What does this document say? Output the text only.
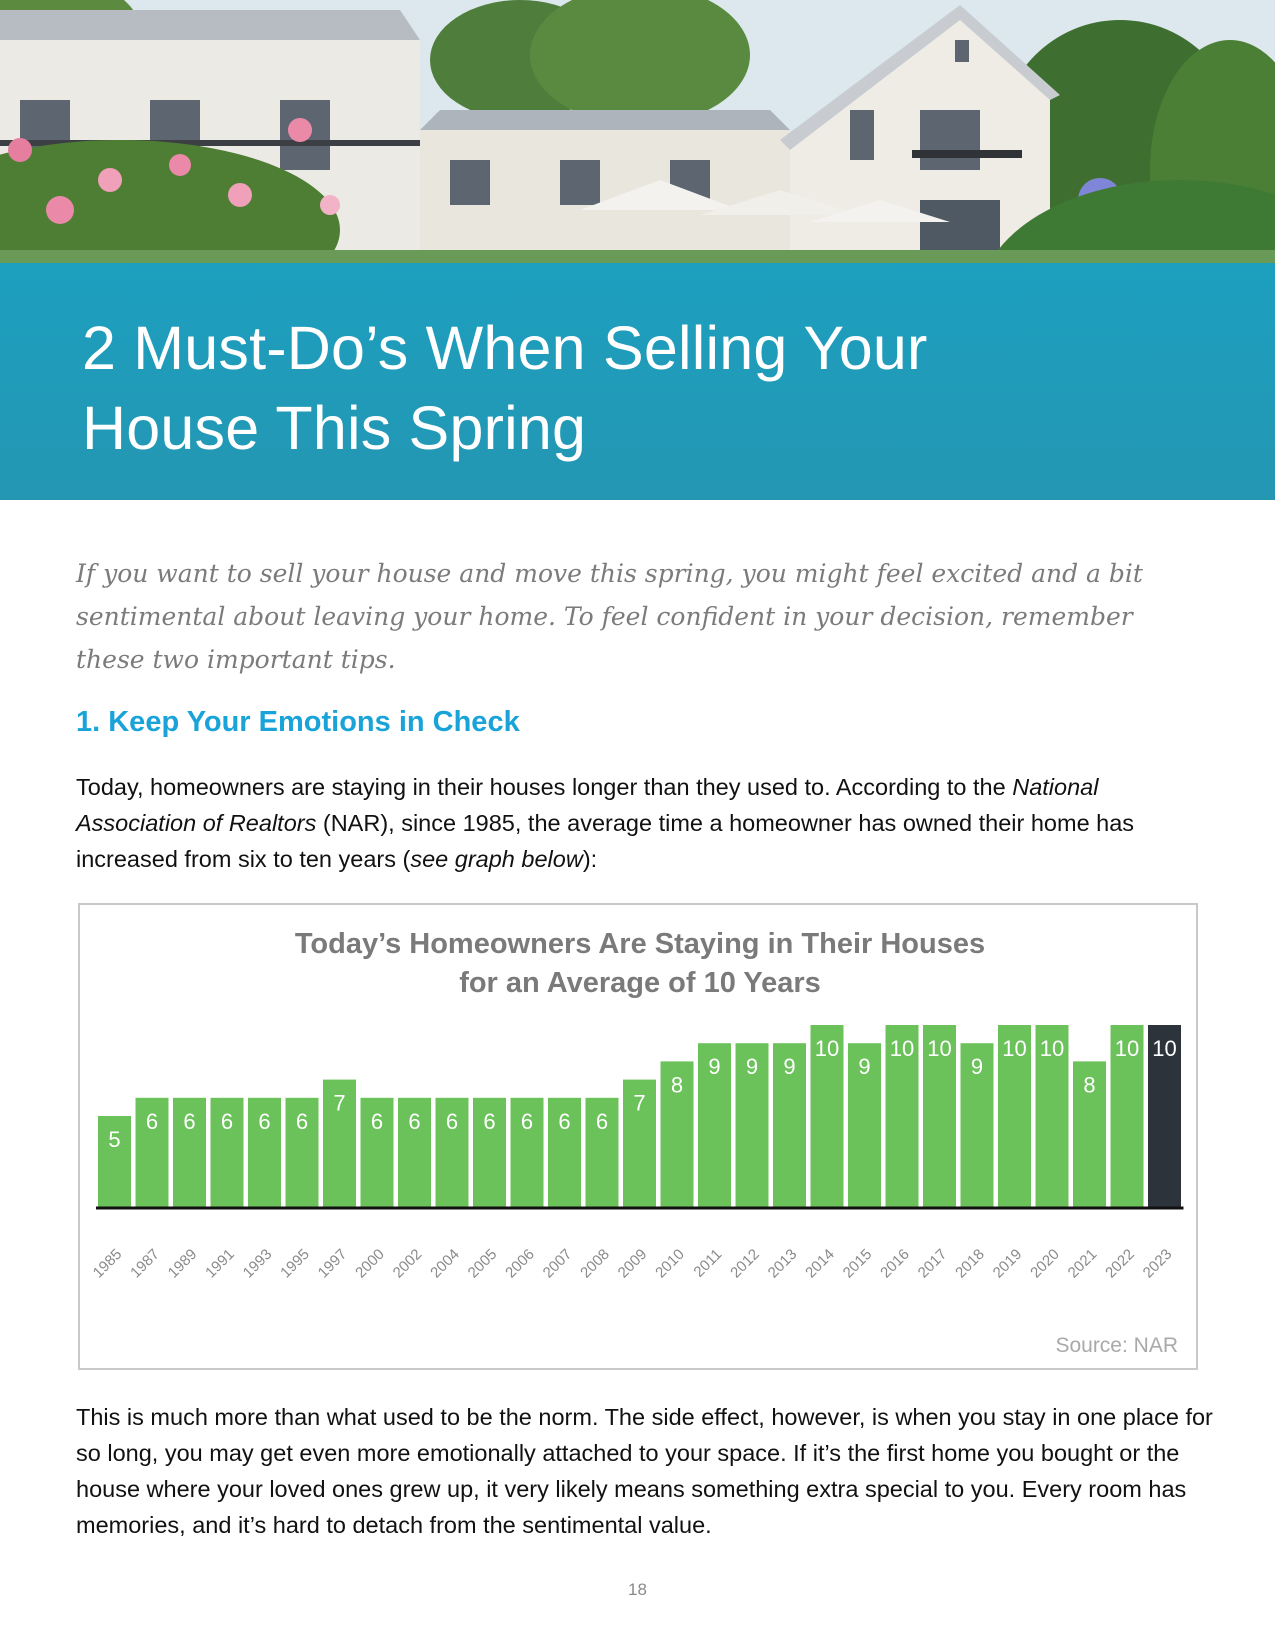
2 Must-Do’s When Selling Your
House This Spring

If you want to sell your house and move this spring, you might feel excited and a bit sentimental about leaving your home. To feel confident in your decision, remember these two important tips.

1. Keep Your Emotions in Check

Today, homeowners are staying in their houses longer than they used to. According to the National Association of Realtors (NAR), since 1985, the average time a homeowner has owned their home has increased from six to ten years (see graph below):

Today’s Homeowners Are Staying in Their Houses
for an Average of 10 Years
5
1985
6
1987
6
1989
6
1991
6
1993
6
1995
7
1997
6
2000
6
2002
6
2004
6
2005
6
2006
6
2007
6
2008
7
2009
8
2010
9
2011
9
2012
9
2013
10
2014
9
2015
10
2016
10
2017
9
2018
10
2019
10
2020
8
2021
10
2022
10
2023
Source: NAR

This is much more than what used to be the norm. The side effect, however, is when you stay in one place for so long, you may get even more emotionally attached to your space. If it’s the first home you bought or the house where your loved ones grew up, it very likely means something extra special to you. Every room has memories, and it’s hard to detach from the sentimental value.

18
